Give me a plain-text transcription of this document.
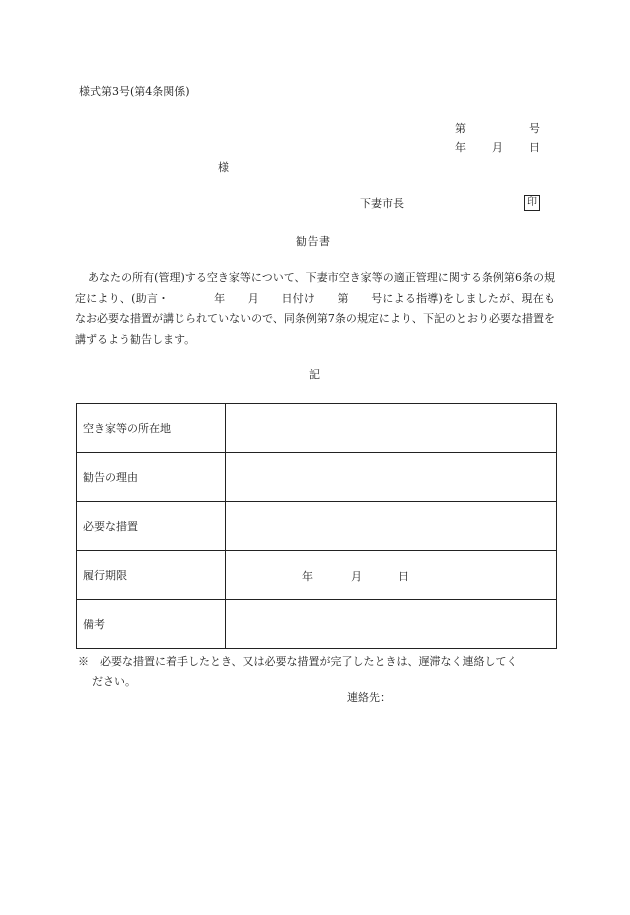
様式第3号(第4条関係)
第	号
年 月 日
様
下妻市長	印
勧告書
あなたの所有(管理)する空き家等について、下妻市空き家等の適正管理に関する条例第6条の規定により、(助言・　　　　年　　月　　日付け　　第　　号による指導)をしましたが、現在もなお必要な措置が講じられていないので、同条例第7条の規定により、下記のとおり必要な措置を講ずるよう勧告します。
記
空き家等の所在地	
勧告の理由	
必要な措置	
履行期限	年 月 日

備考	
※　必要な措置に着手したとき、又は必要な措置が完了したときは、遅滞なく連絡してく
ださい。
連絡先：
